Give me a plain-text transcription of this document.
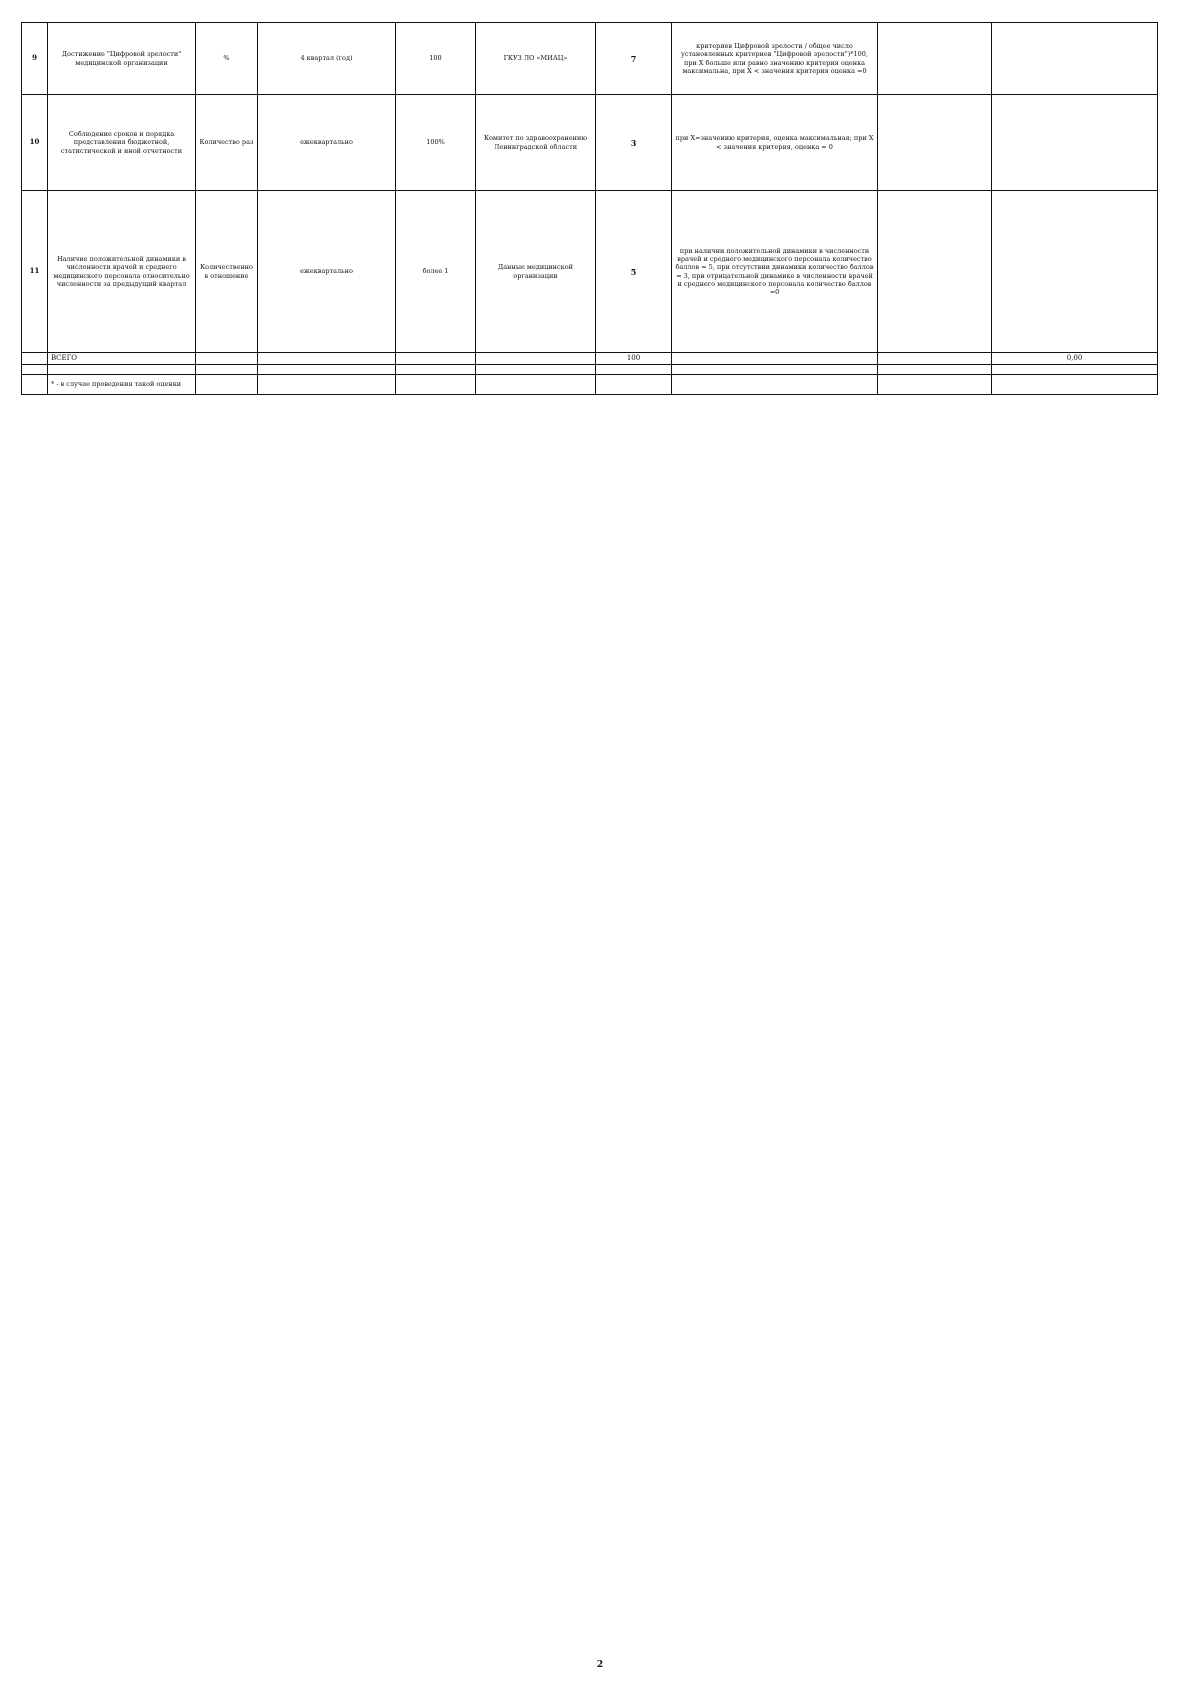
9	Достижение "Цифровой зрелости" медицинской организации	%	4 квартал (год)	100	ГКУЗ ЛО «МИАЦ»	7	критериев Цифровой зрелости / общее число установленных критериев "Цифровой зрелости")*100, при Х больше или равно значению критерия оценка максимальна, при Х < значения критерия оценка =0		
10	Соблюдение сроков и порядка представления бюджетной, статистической и иной отчетности	Количество раз	ежеквартально	100%	Комитет по здравоохранению Ленинградской области	3	при Х=значению критерия, оценка максимальная; при Х < значения критерия, оценка = 0		
11	Наличие положительной динамики в численности врачей и среднего медицинского персонала относительно численности за предыдущий квартал	Количественно в отношение	ежеквартально	более 1	Данные медицинской организации	5	при наличии положительной динамики в численности врачей и среднего медицинского персонала количество баллов = 5, при отсутствии динамики количество баллов = 3, при отрицательной динамике в численности врачей и среднего медицинского персонала количество баллов =0		
	ВСЕГО					100			0,00

	* - в случае проведения такой оценки								
2
